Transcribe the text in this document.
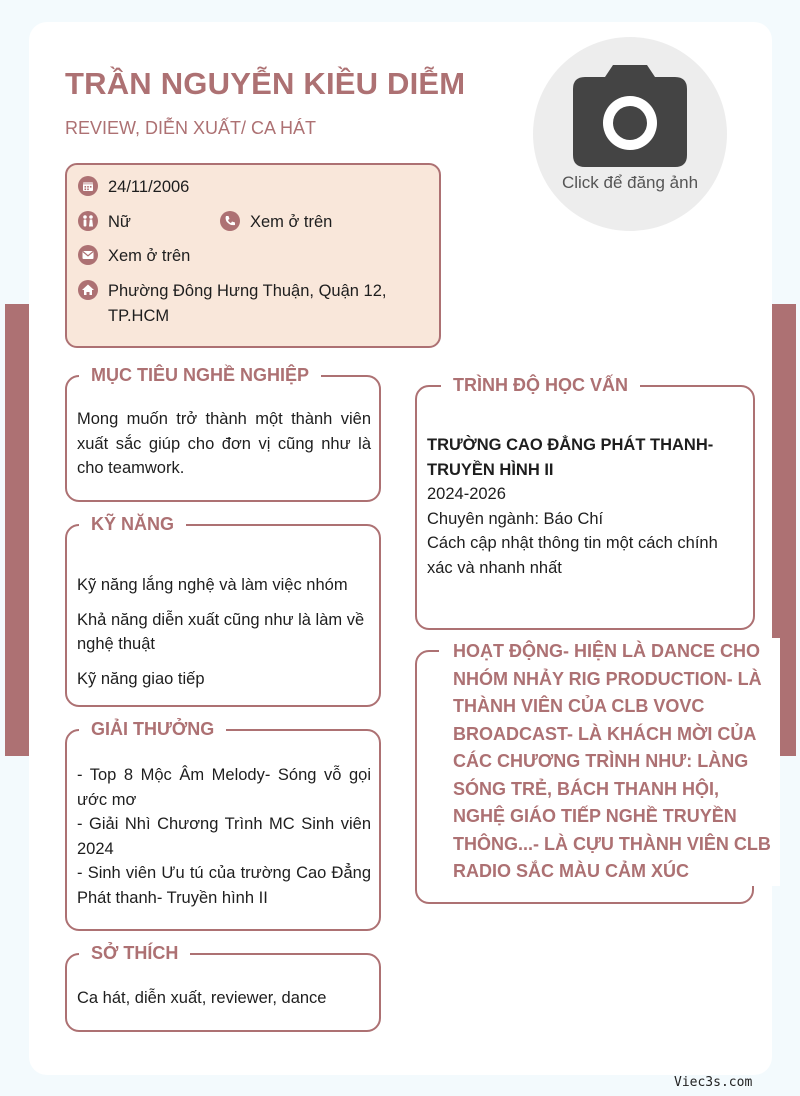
TRẦN NGUYỄN KIỀU DIỄM
REVIEW, DIỄN XUẤT/ CA HÁT
Click để đăng ảnh
24/11/2006
Nữ	Xem ở trên
Xem ở trên
Phường Đông Hưng Thuận, Quận 12, TP.HCM
MỤC TIÊU NGHỀ NGHIỆP

Mong muốn trở thành một thành viên xuất sắc giúp cho đơn vị cũng như là cho teamwork.

KỸ NĂNG

Kỹ năng lắng nghệ và làm việc nhóm

Khả năng diễn xuất cũng như là làm về nghệ thuật

Kỹ năng giao tiếp

GIẢI THƯỞNG

- Top 8 Mộc Âm Melody- Sóng vỗ gọi ước mơ

- Giải Nhì Chương Trình MC Sinh viên 2024

- Sinh viên Ưu tú của trường Cao Đẳng Phát thanh- Truyền hình II

SỞ THÍCH

Ca hát, diễn xuất, reviewer, dance

TRÌNH ĐỘ HỌC VẤN

TRƯỜNG CAO ĐẲNG PHÁT THANH- TRUYỀN HÌNH II

2024-2026

Chuyên ngành: Báo Chí

Cách cập nhật thông tin một cách chính xác và nhanh nhất

HOẠT ĐỘNG- HIỆN LÀ DANCE CHO NHÓM NHẢY RIG PRODUCTION- LÀ THÀNH VIÊN CỦA CLB VOVC BROADCAST- LÀ KHÁCH MỜI CỦA CÁC CHƯƠNG TRÌNH NHƯ: LÀNG SÓNG TRẺ, BÁCH THANH HỘI, NGHỆ GIÁO TIẾP NGHỀ TRUYỀN THÔNG...- LÀ CỰU THÀNH VIÊN CLB RADIO SẮC MÀU CẢM XÚC
Viec3s.com
